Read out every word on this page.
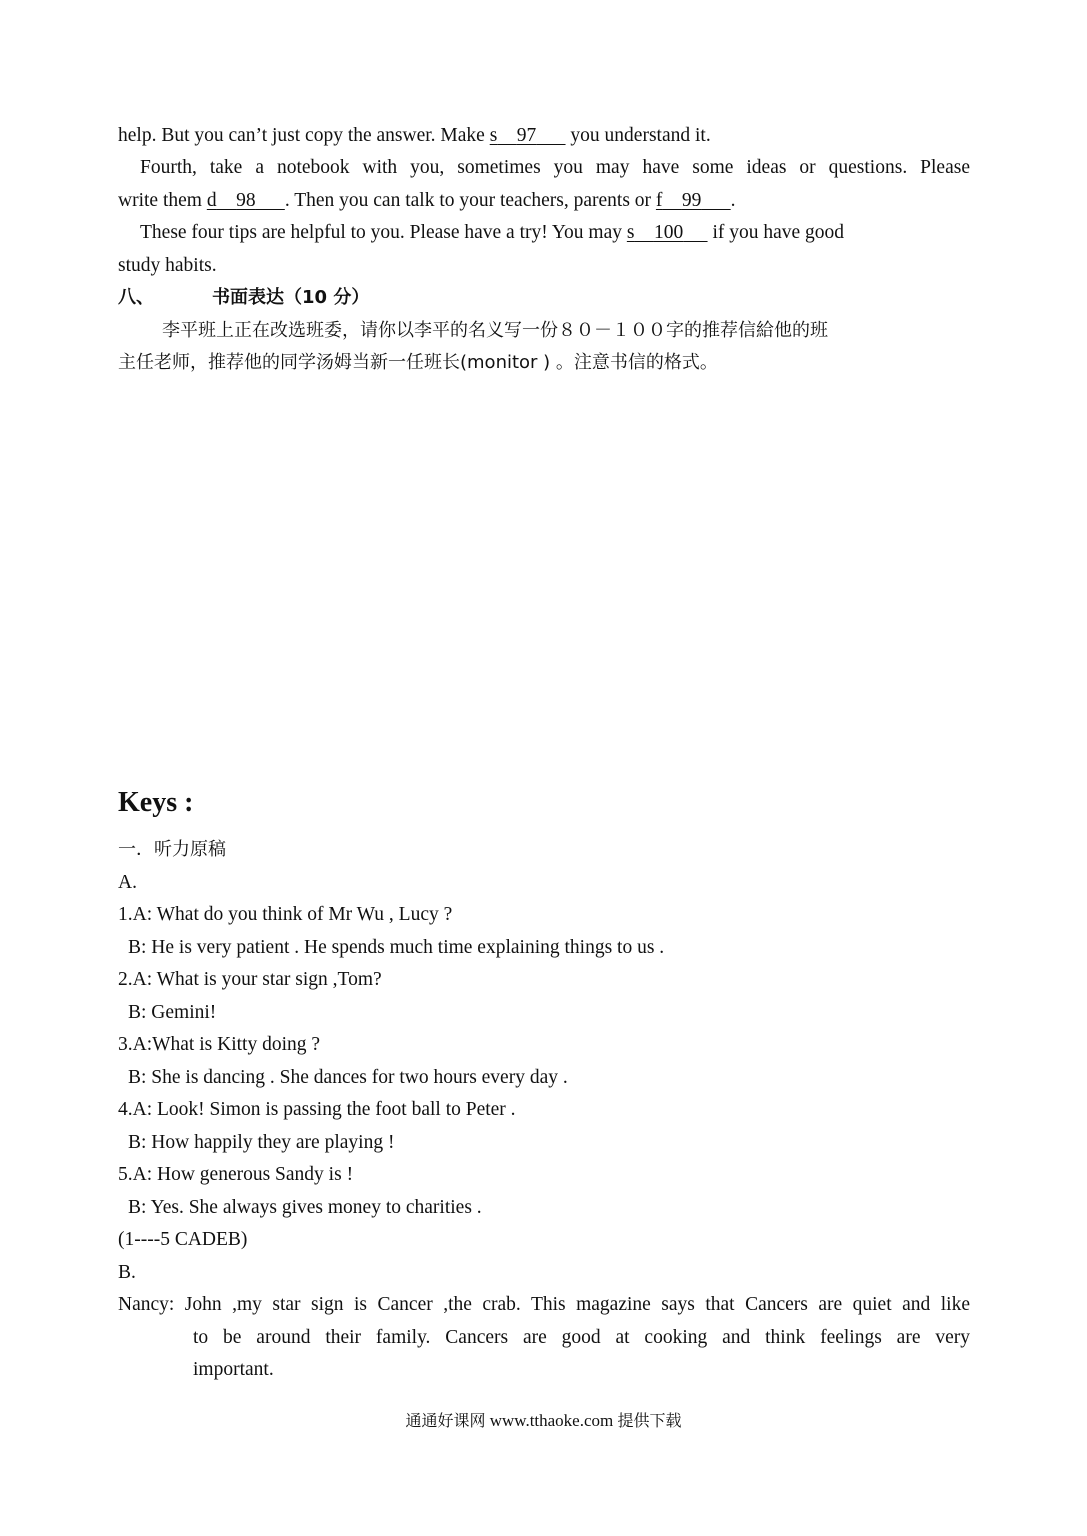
help. But you can’t just copy the answer. Make s 97       you understand it.
Fourth, take a notebook with you, sometimes you may have some ideas or questions. Please
write them d 98 . Then you can talk to your teachers, parents or f 99 .
These four tips are helpful to you. Please have a try! You may s 100      if you have good
study habits.
八、	书面表达（10 分）
李平班上正在改选班委，请你以李平的名义写一份８０－１００字的推荐信給他的班
主任老师，推荐他的同学汤姆当新一任班长(monitor ) 。注意书信的格式。
Keys :
一．听力原稿
A.
1.A: What do you think of Mr Wu , Lucy ?
B: He is very patient . He spends much time explaining things to us .
2.A: What is your star sign ,Tom?
B: Gemini!
3.A:What is Kitty doing ?
B: She is dancing . She dances for two hours every day .
4.A: Look! Simon is passing the foot ball to Peter .
B: How happily they are playing !
5.A: How generous Sandy is !
B: Yes. She always gives money to charities .
(1----5 CADEB)
B.
Nancy: John ,my star sign is Cancer ,the crab. This magazine says that Cancers are quiet and like
to be around their family. Cancers are good at cooking and think feelings are very
important.
通通好课网 www.tthaoke.com 提供下载
